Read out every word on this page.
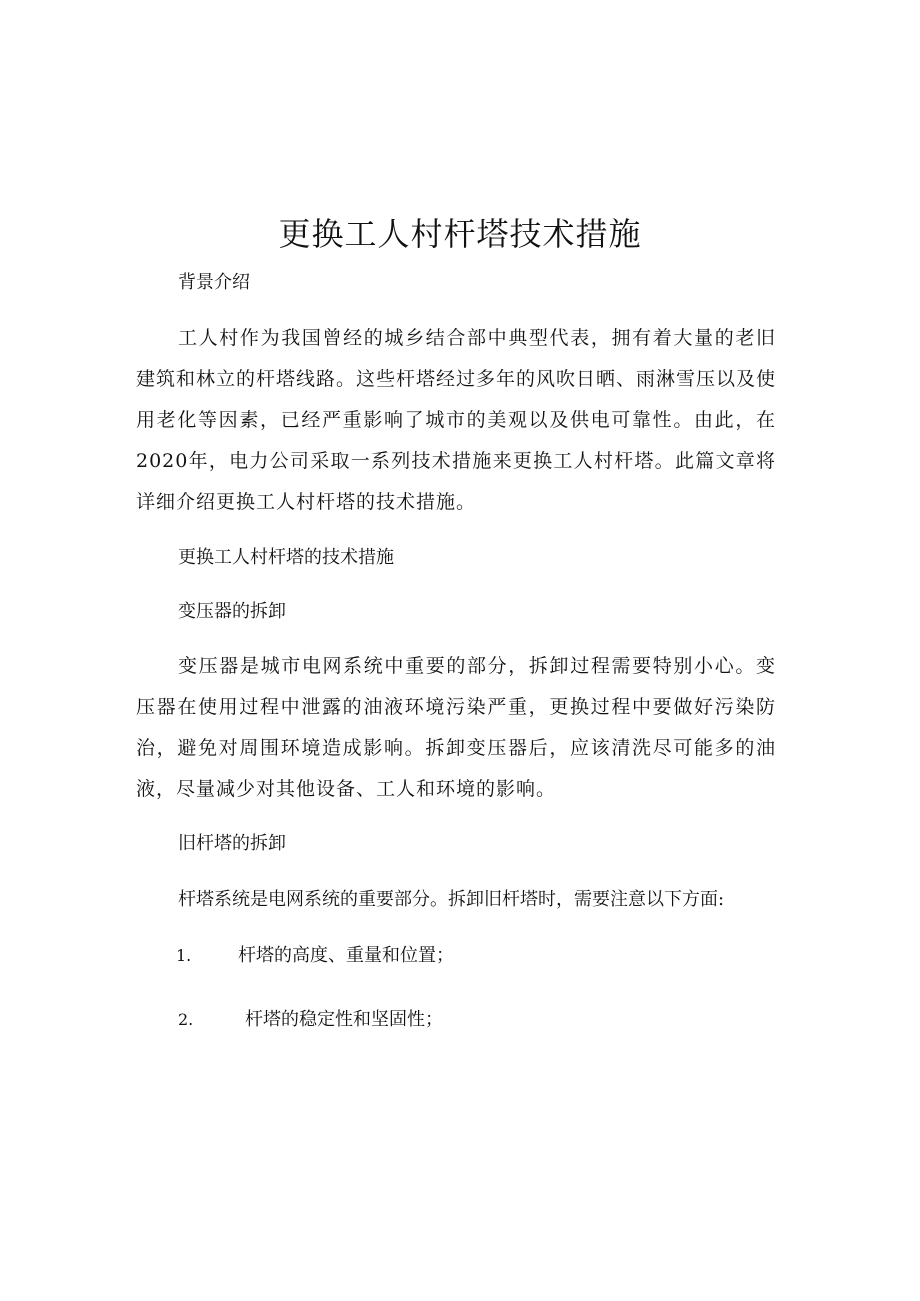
更换工人村杆塔技术措施

背景介绍

工人村作为我国曾经的城乡结合部中典型代表，拥有着大量的老旧建筑和林立的杆塔线路。这些杆塔经过多年的风吹日晒、雨淋雪压以及使用老化等因素，已经严重影响了城市的美观以及供电可靠性。由此，在2020年，电力公司采取一系列技术措施来更换工人村杆塔。此篇文章将详细介绍更换工人村杆塔的技术措施。

更换工人村杆塔的技术措施

变压器的拆卸

变压器是城市电网系统中重要的部分，拆卸过程需要特别小心。变压器在使用过程中泄露的油液环境污染严重，更换过程中要做好污染防治，避免对周围环境造成影响。拆卸变压器后，应该清洗尽可能多的油液，尽量减少对其他设备、工人和环境的影响。

旧杆塔的拆卸

杆塔系统是电网系统的重要部分。拆卸旧杆塔时，需要注意以下方面:

1.	杆塔的高度、重量和位置；
2.	杆塔的稳定性和坚固性；
